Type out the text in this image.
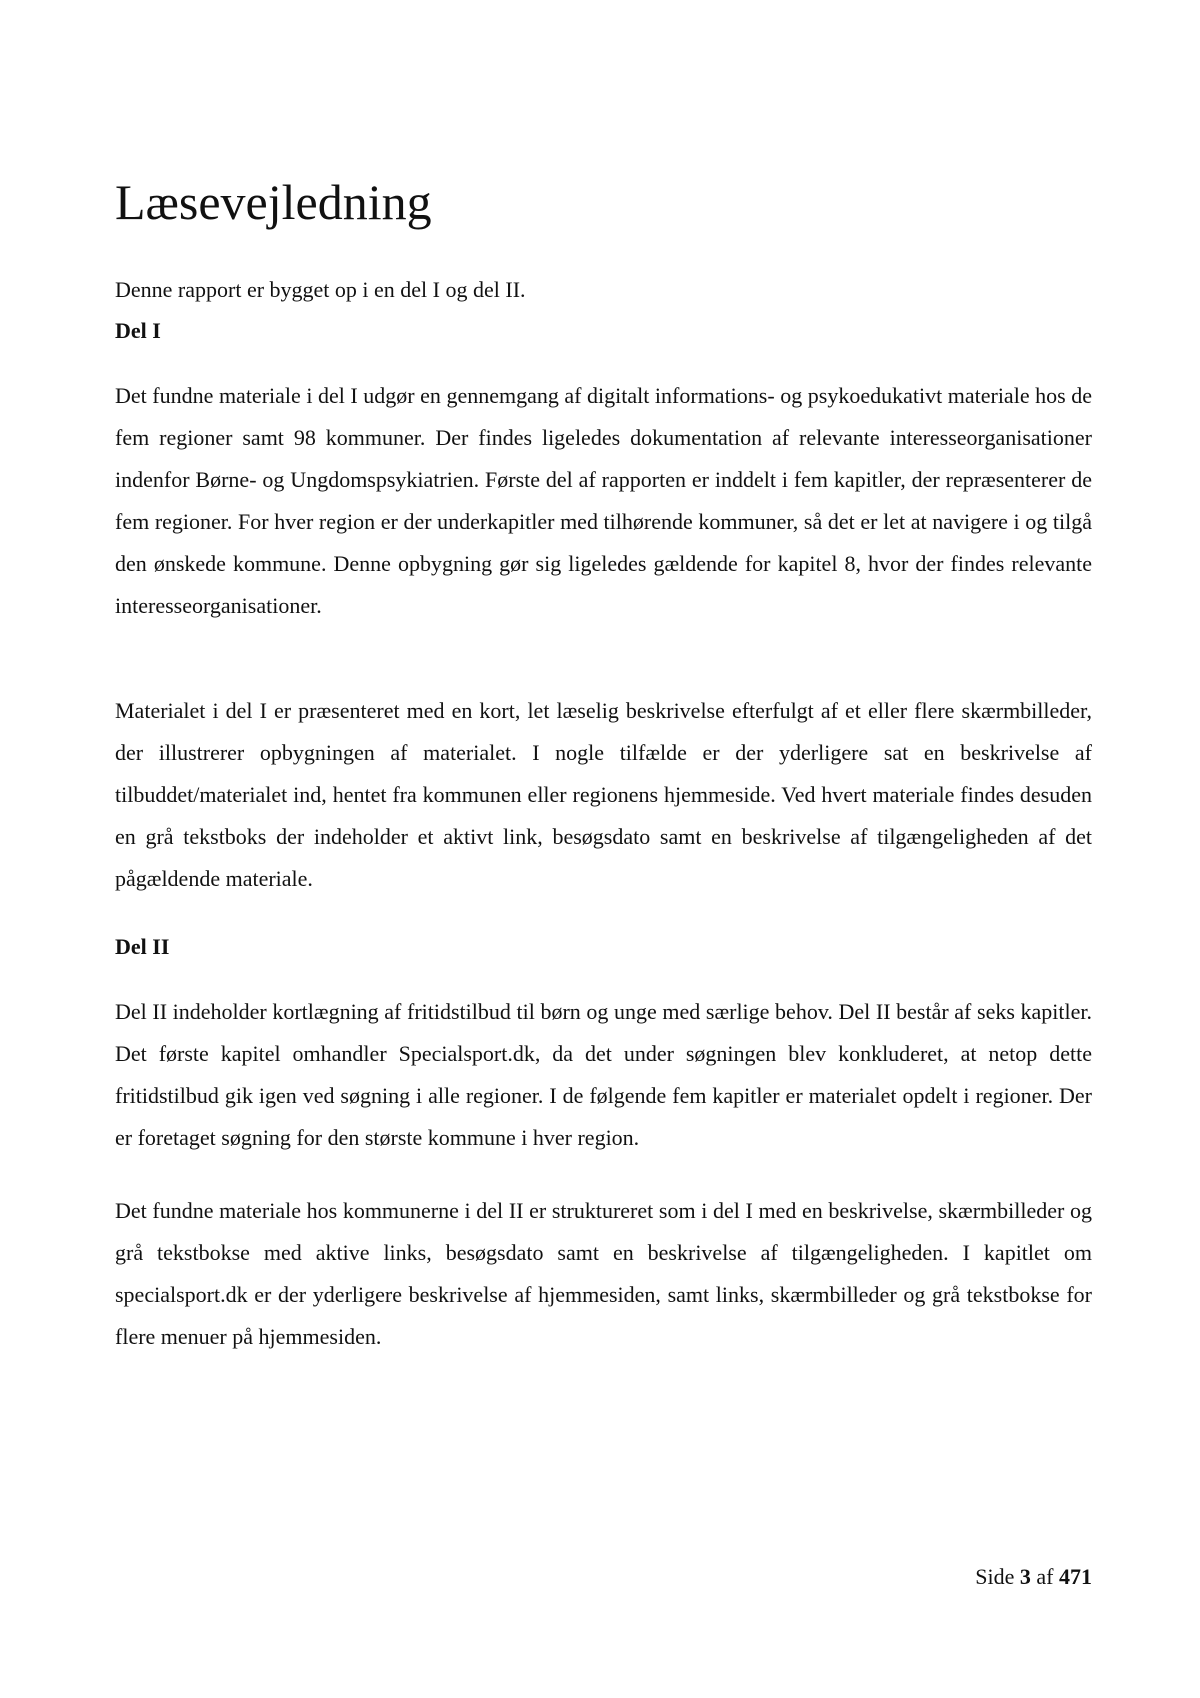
Læsevejledning

Denne rapport er bygget op i en del I og del II.

Del I

Det fundne materiale i del I udgør en gennemgang af digitalt informations- og psykoedukativt materiale hos de fem regioner samt 98 kommuner. Der findes ligeledes dokumentation af relevante interesseorganisationer indenfor Børne- og Ungdomspsykiatrien. Første del af rapporten er inddelt i fem kapitler, der repræsenterer de fem regioner. For hver region er der underkapitler med tilhørende kommuner, så det er let at navigere i og tilgå den ønskede kommune. Denne opbygning gør sig ligeledes gældende for kapitel 8, hvor der findes relevante interesseorganisationer.

Materialet i del I er præsenteret med en kort, let læselig beskrivelse efterfulgt af et eller flere skærmbilleder, der illustrerer opbygningen af materialet. I nogle tilfælde er der yderligere sat en beskrivelse af tilbuddet/materialet ind, hentet fra kommunen eller regionens hjemmeside. Ved hvert materiale findes desuden en grå tekstboks der indeholder et aktivt link, besøgsdato samt en beskrivelse af tilgængeligheden af det pågældende materiale.

Del II

Del II indeholder kortlægning af fritidstilbud til børn og unge med særlige behov. Del II består af seks kapitler. Det første kapitel omhandler Specialsport.dk, da det under søgningen blev konkluderet, at netop dette fritidstilbud gik igen ved søgning i alle regioner. I de følgende fem kapitler er materialet opdelt i regioner. Der er foretaget søgning for den største kommune i hver region.

Det fundne materiale hos kommunerne i del II er struktureret som i del I med en beskrivelse, skærmbilleder og grå tekstbokse med aktive links, besøgsdato samt en beskrivelse af tilgængeligheden. I kapitlet om specialsport.dk er der yderligere beskrivelse af hjemmesiden, samt links, skærmbilleder og grå tekstbokse for flere menuer på hjemmesiden.

Side 3 af 471
